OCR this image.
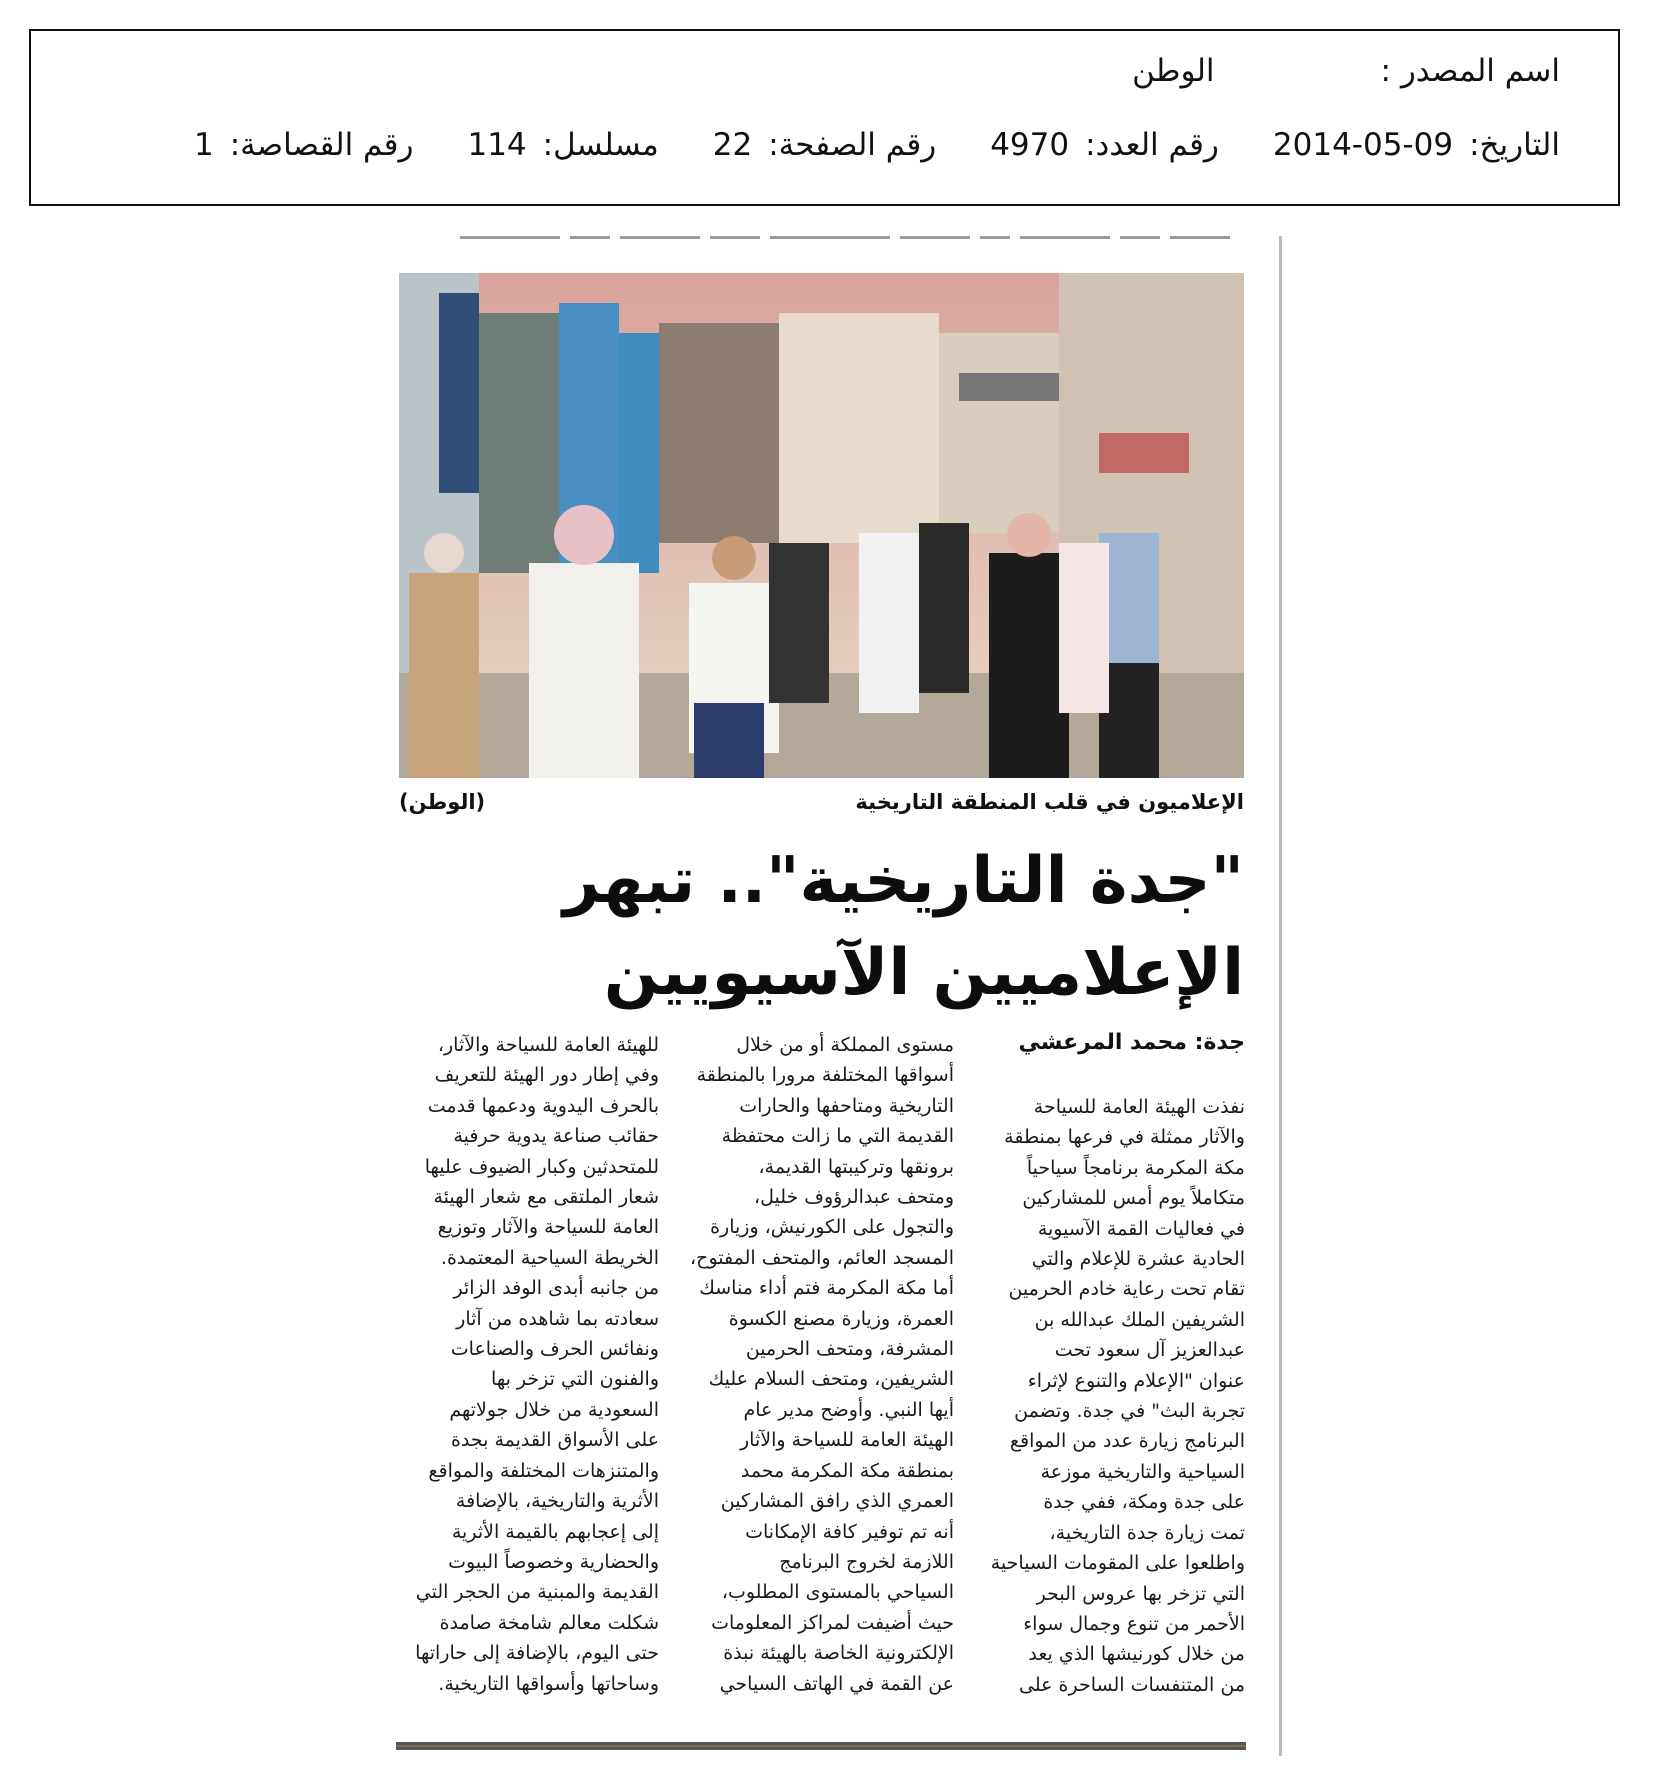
اسم المصدر :
الوطن
التاريخ:
2014-05-09
رقم العدد:
4970
رقم الصفحة:
22
مسلسل:
114
رقم القصاصة:
1
الإعلاميون في قلب المنطقة التاريخية
(الوطن)
"جدة التاريخية".. تبهر
الإعلاميين الآسيويين
جدة: محمد المرعشي

نفذت الهيئة العامة للسياحة

والآثار ممثلة في فرعها بمنطقة

مكة المكرمة برنامجاً سياحياً

متكاملاً يوم أمس للمشاركين

في فعاليات القمة الآسيوية

الحادية عشرة للإعلام والتي

تقام تحت رعاية خادم الحرمين

الشريفين الملك عبدالله بن

عبدالعزيز آل سعود تحت

عنوان "الإعلام والتنوع لإثراء

تجربة البث" في جدة. وتضمن

البرنامج زيارة عدد من المواقع

السياحية والتاريخية موزعة

على جدة ومكة، ففي جدة

تمت زيارة جدة التاريخية،

واطلعوا على المقومات السياحية

التي تزخر بها عروس البحر

الأحمر من تنوع وجمال سواء

من خلال كورنيشها الذي يعد

من المتنفسات الساحرة على

مستوى المملكة أو من خلال

أسواقها المختلفة مرورا بالمنطقة

التاريخية ومتاحفها والحارات

القديمة التي ما زالت محتفظة

برونقها وتركيبتها القديمة،

ومتحف عبدالرؤوف خليل،

والتجول على الكورنيش، وزيارة

المسجد العائم، والمتحف المفتوح،

أما مكة المكرمة فتم أداء مناسك

العمرة، وزيارة مصنع الكسوة

المشرفة، ومتحف الحرمين

الشريفين، ومتحف السلام عليك

أيها النبي. وأوضح مدير عام

الهيئة العامة للسياحة والآثار

بمنطقة مكة المكرمة محمد

العمري الذي رافق المشاركين

أنه تم توفير كافة الإمكانات

اللازمة لخروج البرنامج

السياحي بالمستوى المطلوب،

حيث أضيفت لمراكز المعلومات

الإلكترونية الخاصة بالهيئة نبذة

عن القمة في الهاتف السياحي

للهيئة العامة للسياحة والآثار،

وفي إطار دور الهيئة للتعريف

بالحرف اليدوية ودعمها قدمت

حقائب صناعة يدوية حرفية

للمتحدثين وكبار الضيوف عليها

شعار الملتقى مع شعار الهيئة

العامة للسياحة والآثار وتوزيع

الخريطة السياحية المعتمدة.

من جانبه أبدى الوفد الزائر

سعادته بما شاهده من آثار

ونفائس الحرف والصناعات

والفنون التي تزخر بها

السعودية من خلال جولاتهم

على الأسواق القديمة بجدة

والمتنزهات المختلفة والمواقع

الأثرية والتاريخية، بالإضافة

إلى إعجابهم بالقيمة الأثرية

والحضارية وخصوصاً البيوت

القديمة والمبنية من الحجر التي

شكلت معالم شامخة صامدة

حتى اليوم، بالإضافة إلى حاراتها

وساحاتها وأسواقها التاريخية.
